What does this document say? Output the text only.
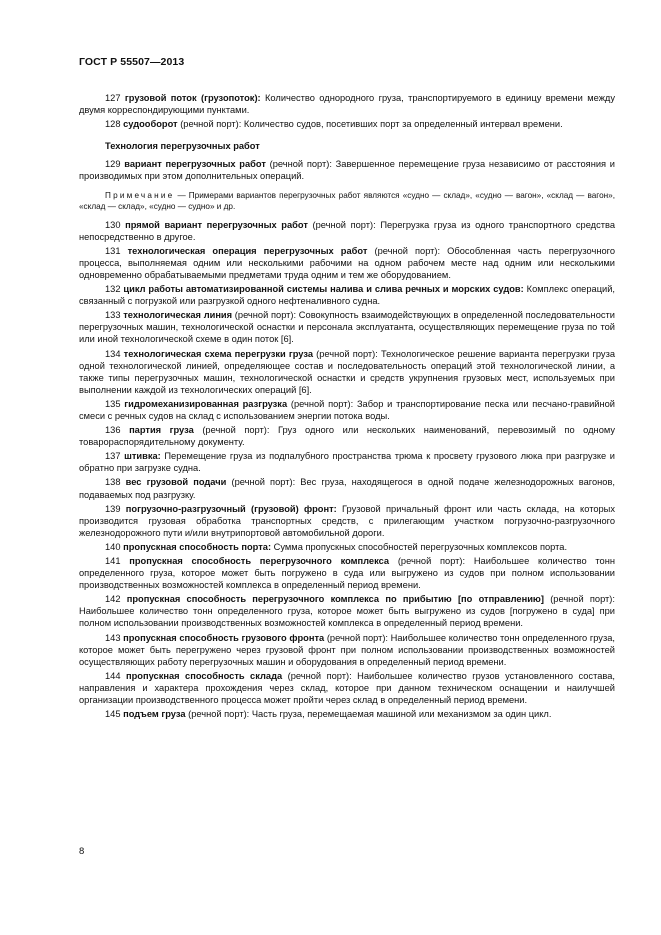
ГОСТ Р 55507—2013
127 грузовой поток (грузопоток): Количество однородного груза, транспортируемого в единицу времени между двумя корреспондирующими пунктами.
128 судооборот (речной порт): Количество судов, посетивших порт за определенный интервал времени.
Технология перегрузочных работ
129 вариант перегрузочных работ (речной порт): Завершенное перемещение груза независимо от расстояния и производимых при этом дополнительных операций.
Примечание — Примерами вариантов перегрузочных работ являются «судно — склад», «судно — вагон», «склад — вагон», «склад — склад», «судно — судно» и др.
130 прямой вариант перегрузочных работ (речной порт): Перегрузка груза из одного транспортного средства непосредственно в другое.
131 технологическая операция перегрузочных работ (речной порт): Обособленная часть перегрузочного процесса, выполняемая одним или несколькими рабочими на одном рабочем месте над одним или несколькими одновременно обрабатываемыми предметами труда одним и тем же оборудованием.
132 цикл работы автоматизированной системы налива и слива речных и морских судов: Комплекс операций, связанный с погрузкой или разгрузкой одного нефтеналивного судна.
133 технологическая линия (речной порт): Совокупность взаимодействующих в определенной последовательности перегрузочных машин, технологической оснастки и персонала эксплуатанта, осуществляющих перемещение груза по той или иной технологической схеме в один поток [6].
134 технологическая схема перегрузки груза (речной порт): Технологическое решение варианта перегрузки груза одной технологической линией, определяющее состав и последовательность операций этой технологической линии, а также типы перегрузочных машин, технологической оснастки и средств укрупнения грузовых мест, используемых при выполнении каждой из технологических операций [6].
135 гидромеханизированная разгрузка (речной порт): Забор и транспортирование песка или песчано-гравийной смеси с речных судов на склад с использованием энергии потока воды.
136 партия груза (речной порт): Груз одного или нескольких наименований, перевозимый по одному товарораспорядительному документу.
137 штивка: Перемещение груза из подпалубного пространства трюма к просвету грузового люка при разгрузке и обратно при загрузке судна.
138 вес грузовой подачи (речной порт): Вес груза, находящегося в одной подаче железнодорожных вагонов, подаваемых под разгрузку.
139 погрузочно-разгрузочный (грузовой) фронт: Грузовой причальный фронт или часть склада, на которых производится грузовая обработка транспортных средств, с прилегающим участком погрузочно-разгрузочного железнодорожного пути и/или внутрипортовой автомобильной дороги.
140 пропускная способность порта: Сумма пропускных способностей перегрузочных комплексов порта.
141 пропускная способность перегрузочного комплекса (речной порт): Наибольшее количество тонн определенного груза, которое может быть погружено в суда или выгружено из судов при полном использовании производственных возможностей комплекса в определенный период времени.
142 пропускная способность перегрузочного комплекса по прибытию [по отправлению] (речной порт): Наибольшее количество тонн определенного груза, которое может быть выгружено из судов [погружено в суда] при полном использовании производственных возможностей комплекса в определенный период времени.
143 пропускная способность грузового фронта (речной порт): Наибольшее количество тонн определенного груза, которое может быть перегружено через грузовой фронт при полном использовании производственных возможностей осуществляющих работу перегрузочных машин и оборудования в определенный период времени.
144 пропускная способность склада (речной порт): Наибольшее количество грузов установленного состава, направления и характера прохождения через склад, которое при данном техническом оснащении и наилучшей организации производственного процесса может пройти через склад в определенный период времени.
145 подъем груза (речной порт): Часть груза, перемещаемая машиной или механизмом за один цикл.
8
